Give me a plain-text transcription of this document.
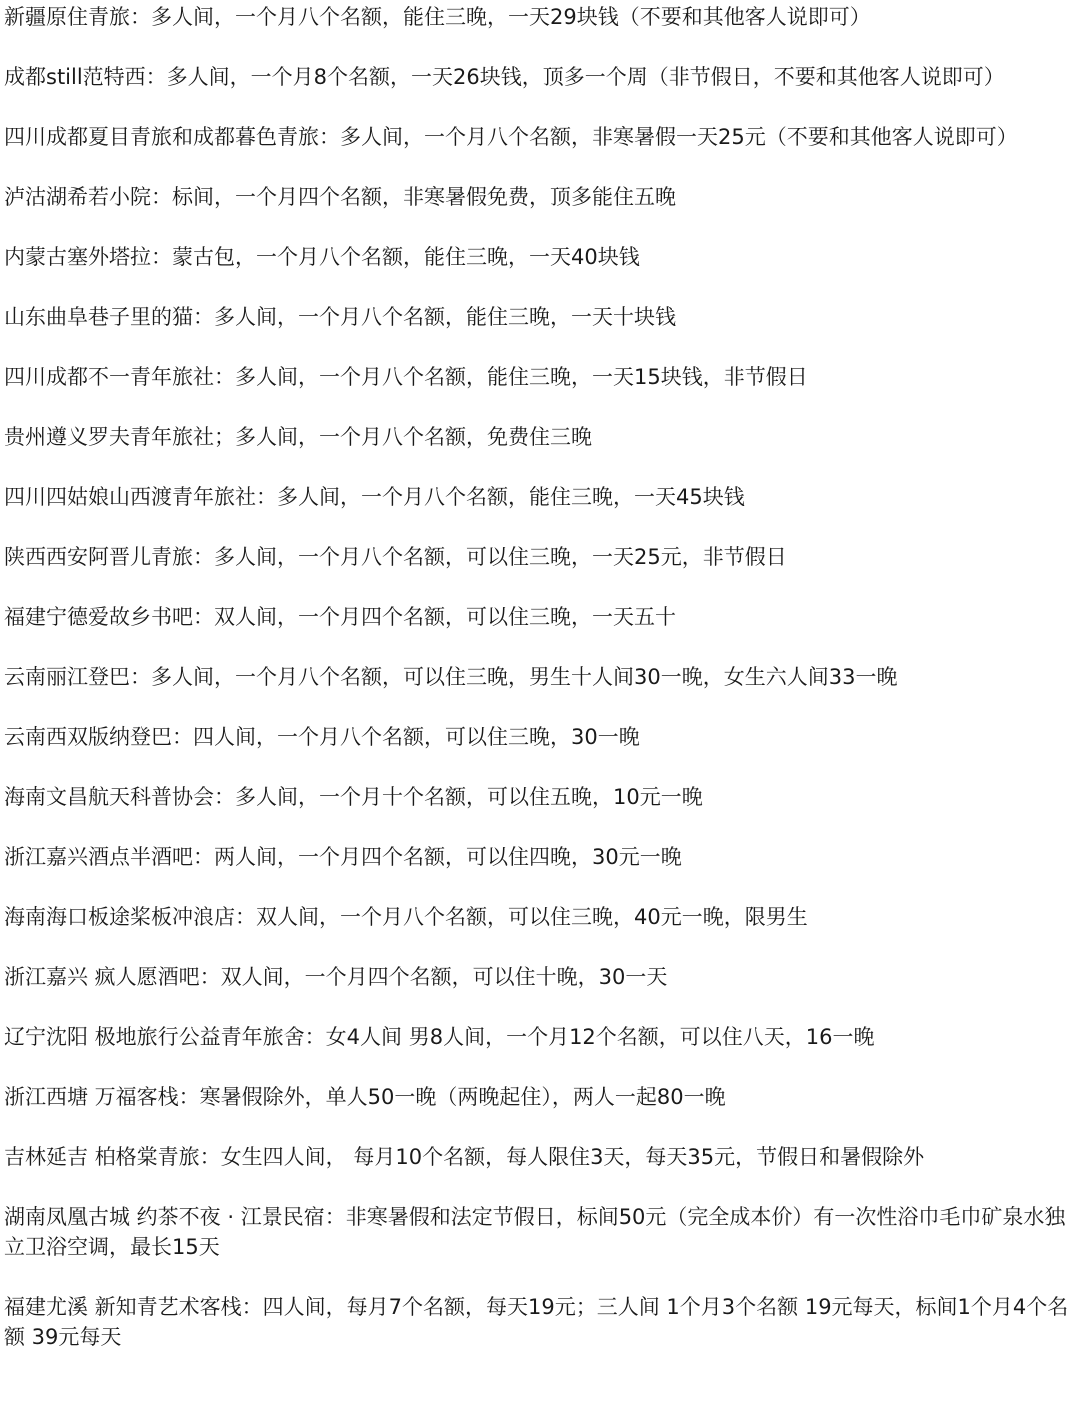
新疆原住青旅：多人间，一个月八个名额，能住三晚，一天29块钱（不要和其他客人说即可）

成都still范特西：多人间，一个月8个名额，一天26块钱，顶多一个周（非节假日，不要和其他客人说即可）

四川成都夏目青旅和成都暮色青旅：多人间，一个月八个名额，非寒暑假一天25元（不要和其他客人说即可）

泸沽湖希若小院：标间，一个月四个名额，非寒暑假免费，顶多能住五晚

内蒙古塞外塔拉：蒙古包，一个月八个名额，能住三晚，一天40块钱

山东曲阜巷子里的猫：多人间，一个月八个名额，能住三晚，一天十块钱

四川成都不一青年旅社：多人间，一个月八个名额，能住三晚，一天15块钱，非节假日

贵州遵义罗夫青年旅社；多人间，一个月八个名额，免费住三晚

四川四姑娘山西渡青年旅社：多人间，一个月八个名额，能住三晚，一天45块钱

陕西西安阿晋儿青旅：多人间，一个月八个名额，可以住三晚，一天25元，非节假日

福建宁德爱故乡书吧：双人间，一个月四个名额，可以住三晚，一天五十

云南丽江登巴：多人间，一个月八个名额，可以住三晚，男生十人间30一晚，女生六人间33一晚

云南西双版纳登巴：四人间，一个月八个名额，可以住三晚，30一晚

海南文昌航天科普协会：多人间，一个月十个名额，可以住五晚，10元一晚

浙江嘉兴酒点半酒吧：两人间，一个月四个名额，可以住四晚，30元一晚

海南海口板途桨板冲浪店：双人间，一个月八个名额，可以住三晚，40元一晚，限男生

浙江嘉兴 疯人愿酒吧：双人间，一个月四个名额，可以住十晚，30一天

辽宁沈阳 极地旅行公益青年旅舍：女4人间 男8人间，一个月12个名额，可以住八天，16一晚

浙江西塘 万福客栈：寒暑假除外，单人50一晚（两晚起住），两人一起80一晚

吉林延吉 柏格棠青旅：女生四人间， 每月10个名额，每人限住3天，每天35元，节假日和暑假除外

湖南凤凰古城 约茶不夜 · 江景民宿：非寒暑假和法定节假日，标间50元（完全成本价）有一次性浴巾毛巾矿泉水独立卫浴空调，最长15天

福建尤溪 新知青艺术客栈：四人间，每月7个名额，每天19元；三人间 1个月3个名额 19元每天，标间1个月4个名额 39元每天
